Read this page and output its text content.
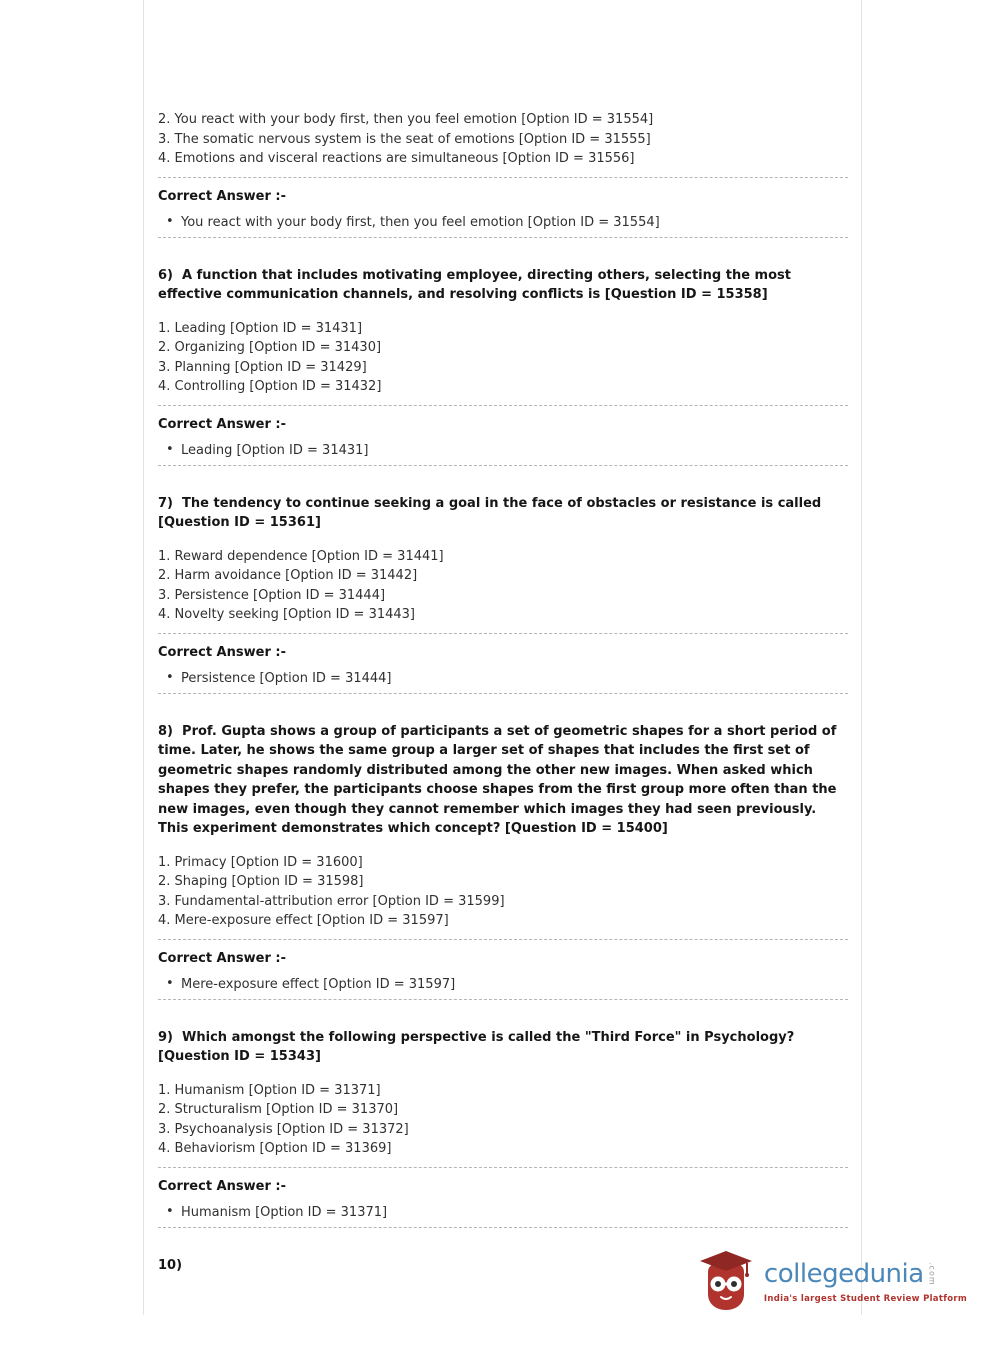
2. You react with your body first, then you feel emotion [Option ID = 31554]

3. The somatic nervous system is the seat of emotions [Option ID = 31555]

4. Emotions and visceral reactions are simultaneous [Option ID = 31556]

Correct Answer :-

• You react with your body first, then you feel emotion [Option ID = 31554]

6)  A function that includes motivating employee, directing others, selecting the most effective communication channels, and resolving conflicts is [Question ID = 15358]

1. Leading [Option ID = 31431]

2. Organizing [Option ID = 31430]

3. Planning [Option ID = 31429]

4. Controlling [Option ID = 31432]

Correct Answer :-

• Leading [Option ID = 31431]

7)  The tendency to continue seeking a goal in the face of obstacles or resistance is called [Question ID = 15361]

1. Reward dependence [Option ID = 31441]

2. Harm avoidance [Option ID = 31442]

3. Persistence [Option ID = 31444]

4. Novelty seeking [Option ID = 31443]

Correct Answer :-

• Persistence [Option ID = 31444]

8)  Prof. Gupta shows a group of participants a set of geometric shapes for a short period of time. Later, he shows the same group a larger set of shapes that includes the first set of geometric shapes randomly distributed among the other new images. When asked which shapes they prefer, the participants choose shapes from the first group more often than the new images, even though they cannot remember which images they had seen previously. This experiment demonstrates which concept? [Question ID = 15400]

1. Primacy [Option ID = 31600]

2. Shaping [Option ID = 31598]

3. Fundamental-attribution error [Option ID = 31599]

4. Mere-exposure effect [Option ID = 31597]

Correct Answer :-

• Mere-exposure effect [Option ID = 31597]

9)  Which amongst the following perspective is called the "Third Force" in Psychology? [Question ID = 15343]

1. Humanism [Option ID = 31371]

2. Structuralism [Option ID = 31370]

3. Psychoanalysis [Option ID = 31372]

4. Behaviorism [Option ID = 31369]

Correct Answer :-

• Humanism [Option ID = 31371]

10)	collegedunia .com
India's largest Student Review Platform
